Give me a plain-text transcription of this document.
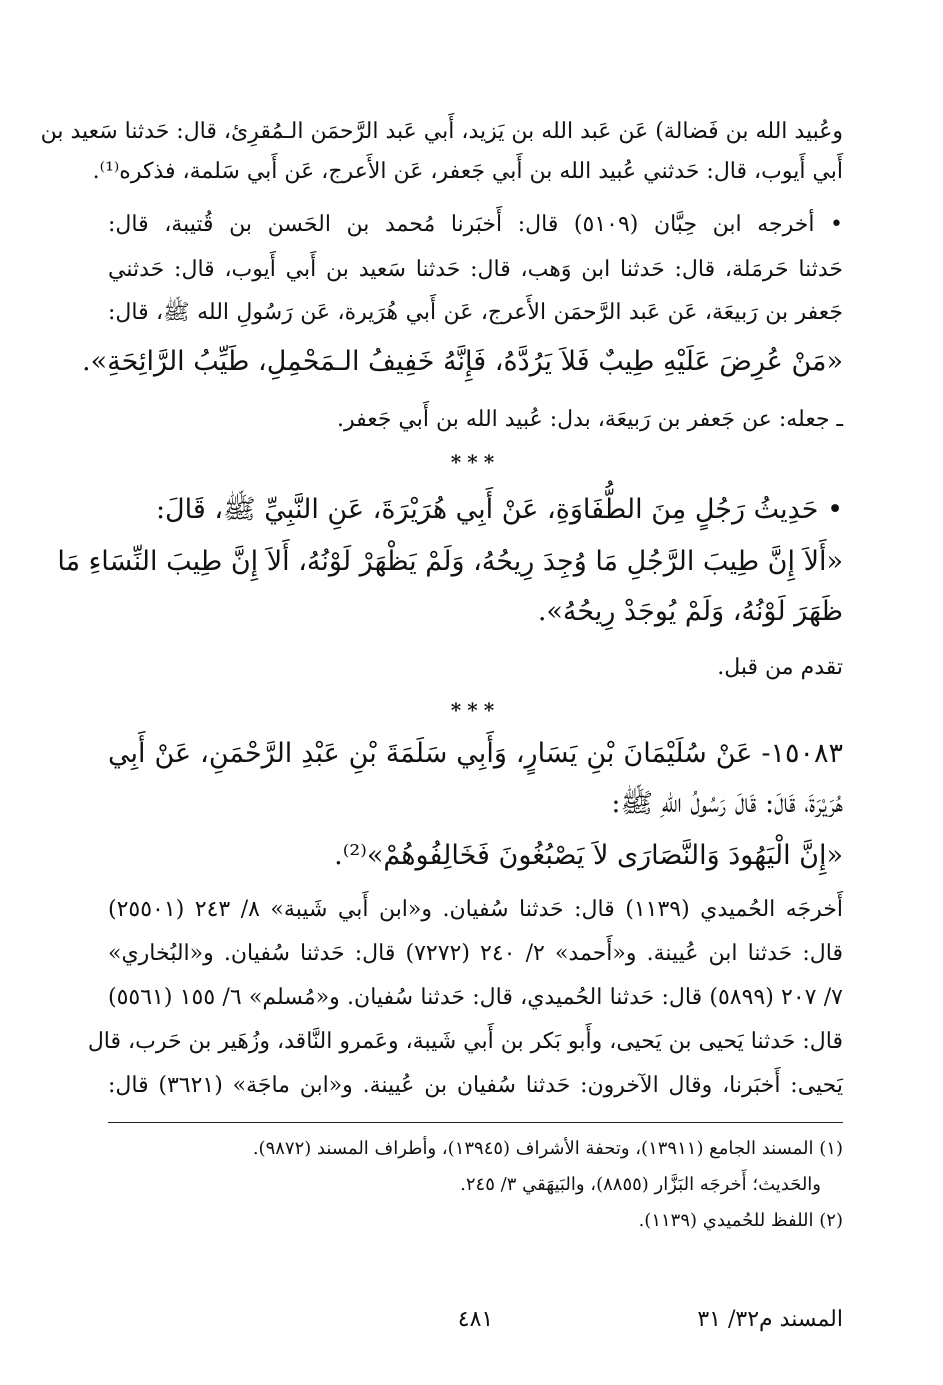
وعُبيد الله بن فَضالة) عَن عَبد الله بن يَزيد، أَبي عَبد الرَّحمَن الـمُقرِئ، قال: حَدثنا سَعيد بن
أَبي أَيوب، قال: حَدثني عُبيد الله بن أَبي جَعفر، عَن الأَعرج، عَن أَبي سَلمة، فذكره⁽¹⁾.
• أخرجه ابن حِبَّان (٥١٠٩) قال: أَخبَرنا مُحمد بن الحَسن بن قُتيبة، قال:
حَدثنا حَرمَلة، قال: حَدثنا ابن وَهب، قال: حَدثنا سَعيد بن أَبي أَيوب، قال: حَدثني
جَعفر بن رَبيعَة، عَن عَبد الرَّحمَن الأَعرج، عَن أَبي هُرَيرة، عَن رَسُولِ الله ﷺ، قال:
«مَنْ عُرِضَ عَلَيْهِ طِيبٌ فَلاَ يَرُدَّهُ، فَإِنَّهُ خَفِيفُ الـمَحْمِلِ، طَيِّبُ الرَّائِحَةِ».
ـ جعله: عن جَعفر بن رَبيعَة، بدل: عُبيد الله بن أَبي جَعفر.
***
• حَدِيثُ رَجُلٍ مِنَ الطُّفَاوَةِ، عَنْ أَبِي هُرَيْرَةَ، عَنِ النَّبِيِّ ﷺ، قَالَ:
«أَلاَ إِنَّ طِيبَ الرَّجُلِ مَا وُجِدَ رِيحُهُ، وَلَمْ يَظْهَرْ لَوْنُهُ، أَلاَ إِنَّ طِيبَ النِّسَاءِ مَا
ظَهَرَ لَوْنُهُ، وَلَمْ يُوجَدْ رِيحُهُ».
تقدم من قبل.
***
١٥٠٨٣- عَنْ سُلَيْمَانَ بْنِ يَسَارٍ، وَأَبِي سَلَمَةَ بْنِ عَبْدِ الرَّحْمَنِ، عَنْ أَبِي
هُرَيْرَةَ، قَالَ: قَالَ رَسُولُ اللهِ ﷺ:
«إِنَّ الْيَهُودَ وَالنَّصَارَى لاَ يَصْبُغُونَ فَخَالِفُوهُمْ»⁽²⁾.
أَخرجَه الحُميدي (١١٣٩) قال: حَدثنا سُفيان. و«ابن أَبي شَيبة» ٨/ ٢٤٣ (٢٥٥٠١)
قال: حَدثنا ابن عُيينة. و«أَحمد» ٢/ ٢٤٠ (٧٢٧٢) قال: حَدثنا سُفيان. و«البُخاري»
٧/ ٢٠٧ (٥٨٩٩) قال: حَدثنا الحُميدي، قال: حَدثنا سُفيان. و«مُسلم» ٦/ ١٥٥ (٥٥٦١)
قال: حَدثنا يَحيى بن يَحيى، وأَبو بَكر بن أَبي شَيبة، وعَمرو النَّاقد، وزُهَير بن حَرب، قال
يَحيى: أَخبَرنا، وقال الآخرون: حَدثنا سُفيان بن عُيينة. و«ابن ماجَة» (٣٦٢١) قال:
(١) المسند الجامع (١٣٩١١)، وتحفة الأشراف (١٣٩٤٥)، وأطراف المسند (٩٨٧٢).
والحَديث؛ أَخرجَه البَزَّار (٨٨٥٥)، والبَيهَقي ٣/ ٢٤٥.
(٢) اللفظ للحُميدي (١١٣٩).
المسند م٣٢/ ٣١
٤٨١
